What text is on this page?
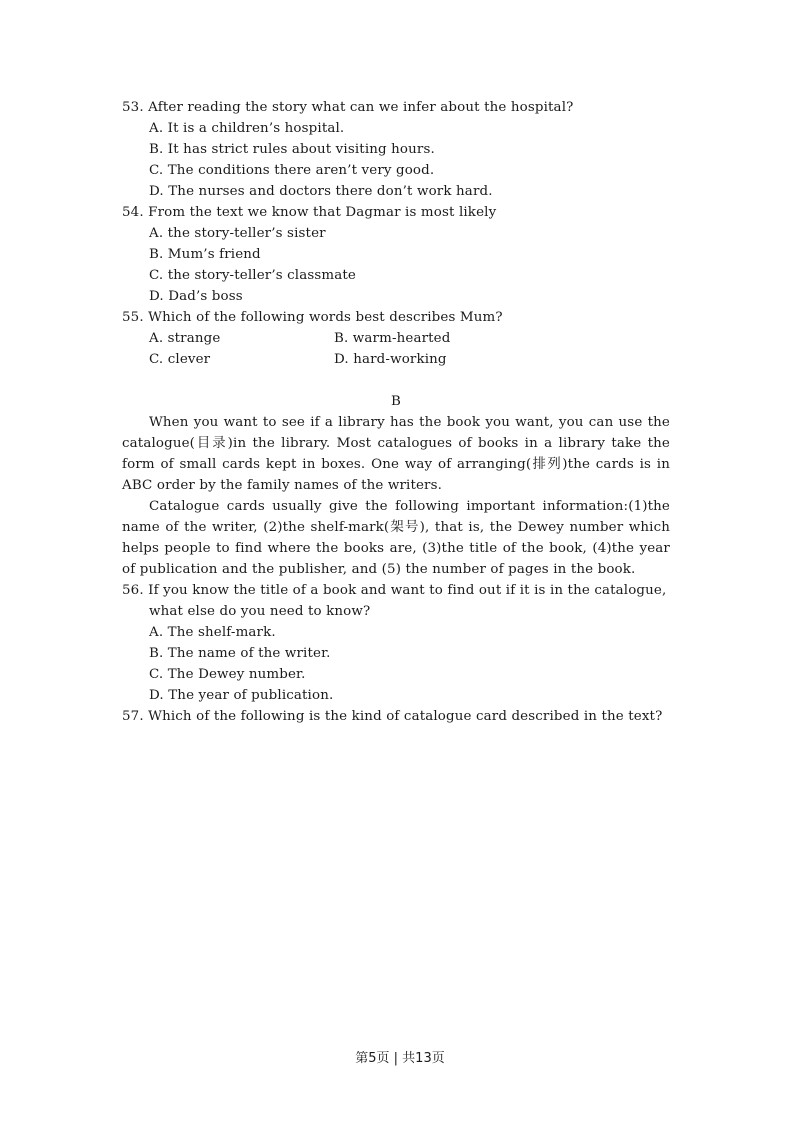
53. After reading the story what can we infer about the hospital?

A. It is a children’s hospital.

B. It has strict rules about visiting hours.

C. The conditions there aren’t very good.

D. The nurses and doctors there don’t work hard.

54. From the text we know that Dagmar is most likely

A. the story-teller’s sister

B. Mum’s friend

C. the story-teller’s classmate

D. Dad’s boss

55. Which of the following words best describes Mum?

A. strange	B. warm-hearted
C. clever	D. hard-working
B

When you want to see if a library has the book you want, you can use the catalogue(目录)in the library. Most catalogues of books in a library take the form of small cards kept in boxes. One way of arranging(排列)the cards is in ABC order by the family names of the writers.

Catalogue cards usually give the following important information:(1)the name of the writer, (2)the shelf-mark(架号), that is, the Dewey number which helps people to find where the books are, (3)the title of the book, (4)the year of publication and the publisher, and (5) the number of pages in the book.

56. If you know the title of a book and want to find out if it is in the catalogue,

what else do you need to know?

A. The shelf-mark.

B. The name of the writer.

C. The Dewey number.

D. The year of publication.

57. Which of the following is the kind of catalogue card described in the text?

第5页 | 共13页
